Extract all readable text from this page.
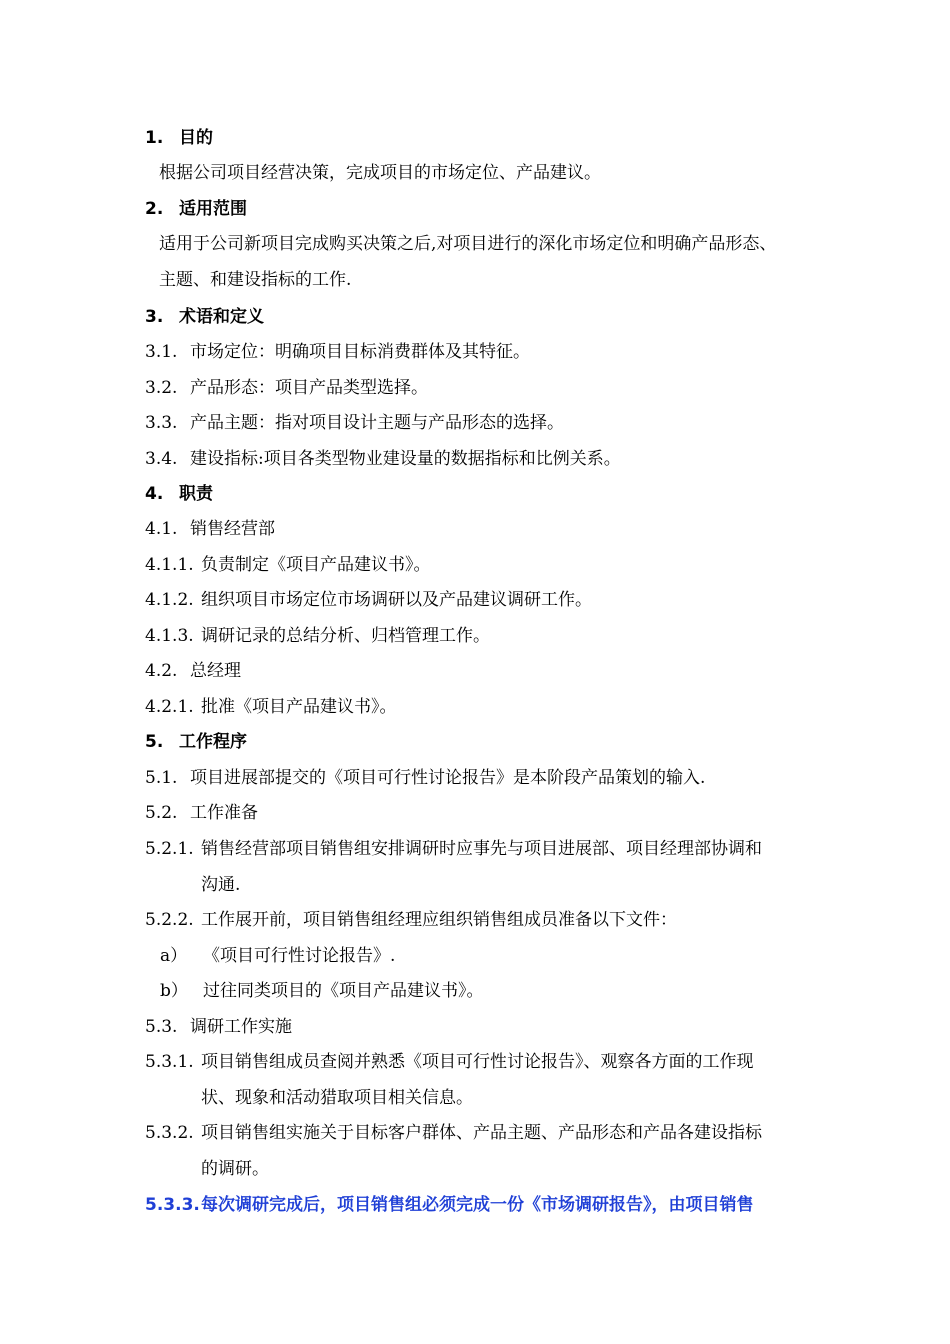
1. 目的
根据公司项目经营决策，完成项目的市场定位、产品建议。
2. 适用范围
适用于公司新项目完成购买决策之后,对项目进行的深化市场定位和明确产品形态、
主题、和建设指标的工作.
3. 术语和定义
3.1. 市场定位：明确项目目标消费群体及其特征。
3.2. 产品形态：项目产品类型选择。
3.3. 产品主题：指对项目设计主题与产品形态的选择。
3.4. 建设指标:项目各类型物业建设量的数据指标和比例关系。
4. 职责
4.1. 销售经营部
4.1.1. 负责制定《项目产品建议书》。
4.1.2. 组织项目市场定位市场调研以及产品建议调研工作。
4.1.3. 调研记录的总结分析、归档管理工作。
4.2. 总经理
4.2.1. 批准《项目产品建议书》。
5. 工作程序
5.1. 项目进展部提交的《项目可行性讨论报告》是本阶段产品策划的输入.
5.2. 工作准备
5.2.1. 销售经营部项目销售组安排调研时应事先与项目进展部、项目经理部协调和
沟通.
5.2.2. 工作展开前，项目销售组经理应组织销售组成员准备以下文件：
a） 《项目可行性讨论报告》.
b） 过往同类项目的《项目产品建议书》。
5.3. 调研工作实施
5.3.1. 项目销售组成员查阅并熟悉《项目可行性讨论报告》、观察各方面的工作现
状、现象和活动猎取项目相关信息。
5.3.2. 项目销售组实施关于目标客户群体、产品主题、产品形态和产品各建设指标
的调研。
5.3.3.每次调研完成后，项目销售组必须完成一份《市场调研报告》，由项目销售
